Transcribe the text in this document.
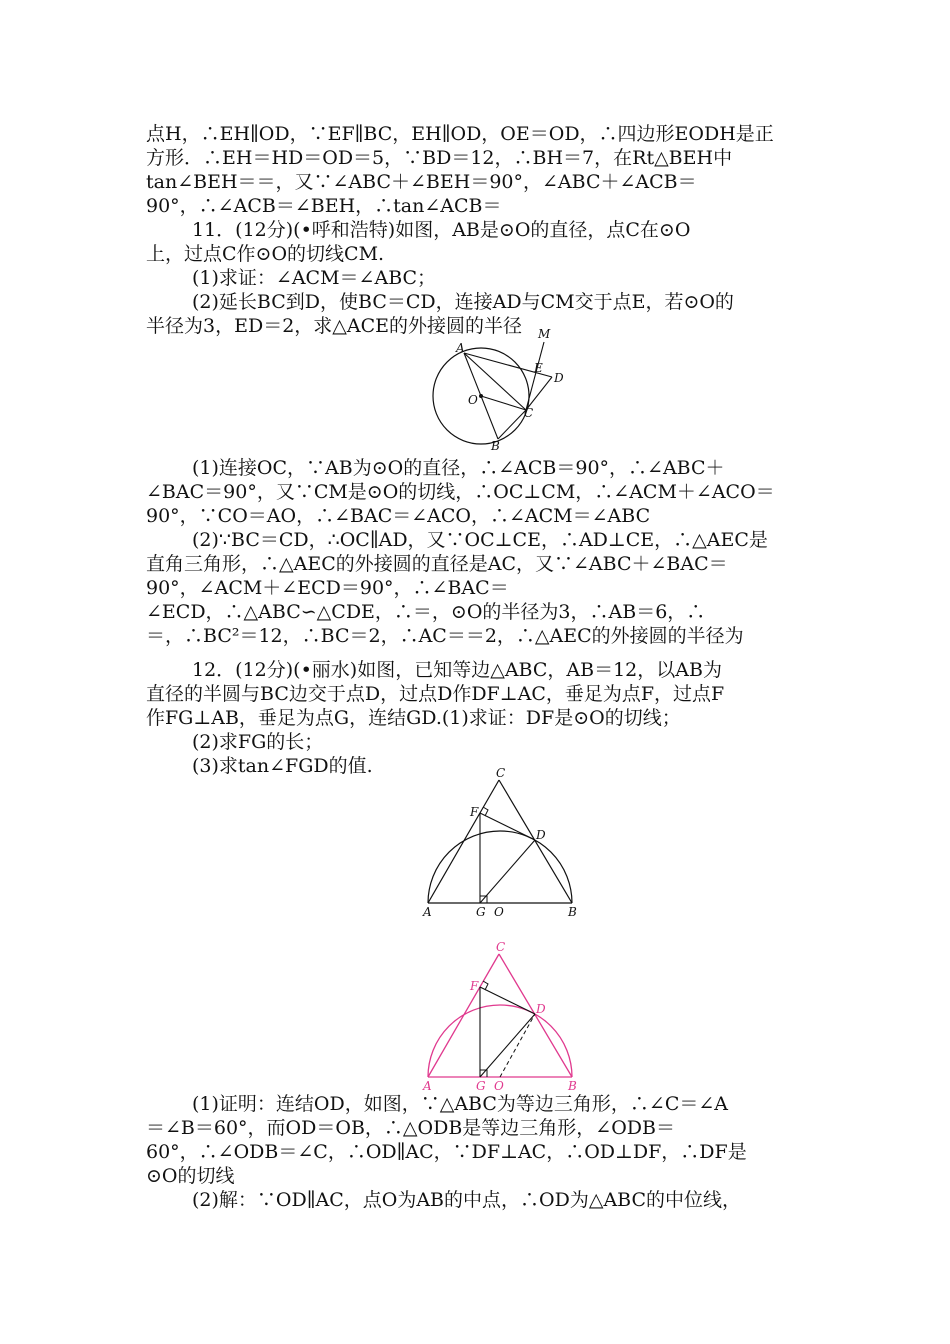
点H，∴EH∥OD，∵EF∥BC，EH∥OD，OE＝OD，∴四边形EODH是正
方形．∴EH＝HD＝OD＝5，∵BD＝12，∴BH＝7，在Rt△BEH中
tan∠BEH＝＝，又∵∠ABC＋∠BEH＝90°，∠ABC＋∠ACB＝
90°，∴∠ACB＝∠BEH，∴tan∠ACB＝
11．(12分)(•呼和浩特)如图，AB是⊙O的直径，点C在⊙O
上，过点C作⊙O的切线CM.
(1)求证：∠ACM＝∠ABC；
(2)延长BC到D，使BC＝CD，连接AD与CM交于点E，若⊙O的
半径为3，ED＝2，求△ACE的外接圆的半径
A
O
B
C
M
E
D
(1)连接OC，∵AB为⊙O的直径，∴∠ACB＝90°，∴∠ABC＋
∠BAC＝90°，又∵CM是⊙O的切线，∴OC⊥CM，∴∠ACM＋∠ACO＝
90°，∵CO＝AO，∴∠BAC＝∠ACO，∴∠ACM＝∠ABC
(2)∵BC＝CD，∴OC∥AD，又∵OC⊥CE，∴AD⊥CE，∴△AEC是
直角三角形，∴△AEC的外接圆的直径是AC，又∵∠ABC＋∠BAC＝
90°，∠ACM＋∠ECD＝90°，∴∠BAC＝
∠ECD，∴△ABC∽△CDE，∴＝，⊙O的半径为3，∴AB＝6，∴
＝，∴BC²＝12，∴BC＝2，∴AC＝＝2，∴△AEC的外接圆的半径为
12．(12分)(•丽水)如图，已知等边△ABC，AB＝12，以AB为
直径的半圆与BC边交于点D，过点D作DF⊥AC，垂足为点F，过点F
作FG⊥AB，垂足为点G，连结GD.(1)求证：DF是⊙O的切线；
(2)求FG的长；
(3)求tan∠FGD的值.	C
F
D
A	G O	B
C
F
D
A	G O	B
(1)证明：连结OD，如图，∵△ABC为等边三角形，∴∠C＝∠A
＝∠B＝60°，而OD＝OB，∴△ODB是等边三角形，∠ODB＝
60°，∴∠ODB＝∠C，∴OD∥AC，∵DF⊥AC，∴OD⊥DF，∴DF是
⊙O的切线
(2)解：∵OD∥AC，点O为AB的中点，∴OD为△ABC的中位线，
